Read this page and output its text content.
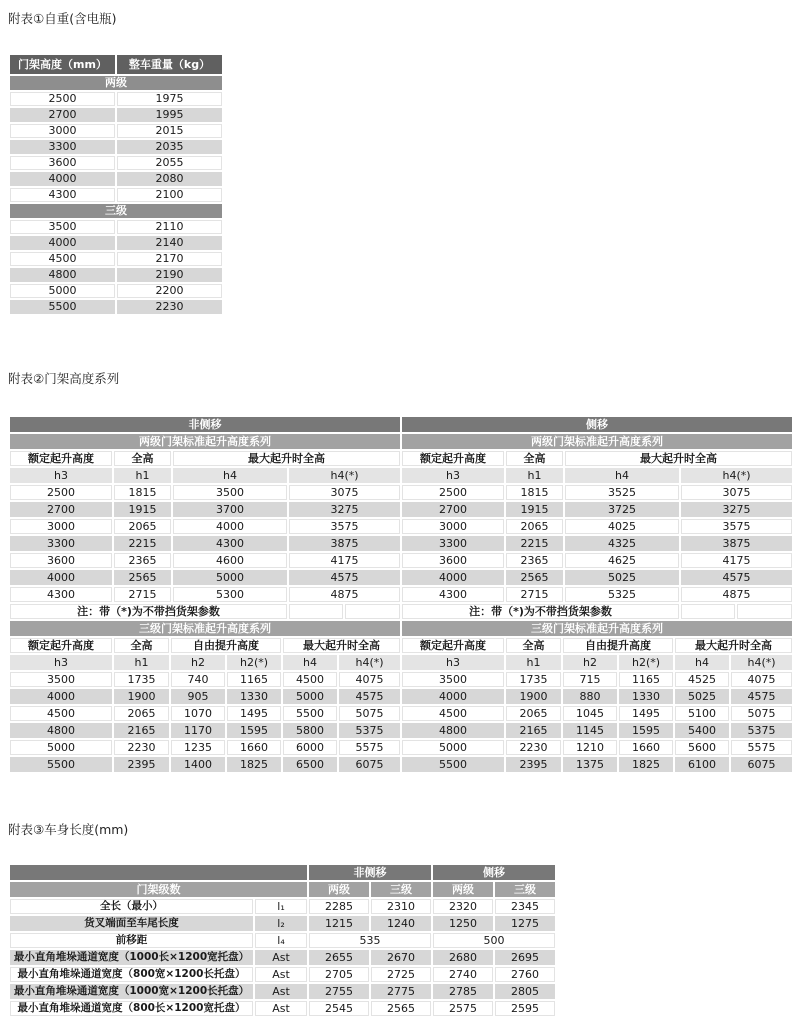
附表①自重(含电瓶)
门架高度（mm）	整车重量（kg）
两级	
2500	1975
2700	1995
3000	2015
3300	2035
3600	2055
4000	2080
4300	2100
三级	
3500	2110
4000	2140
4500	2170
4800	2190
5000	2200
5500	2230
附表②门架高度系列
非侧移					侧移				
两级门架标准起升高度系列					两级门架标准起升高度系列				
额定起升高度	全高	最大起升时全高			额定起升高度	全高	最大起升时全高		
h3	h1	h4	h4(*)		h3	h1	h4	h4(*)	
2500	1815	3500	3075		2500	1815	3525	3075	
2700	1915	3700	3275		2700	1915	3725	3275	
3000	2065	4000	3575		3000	2065	4025	3575	
3300	2215	4300	3875		3300	2215	4325	3875	
3600	2365	4600	4175		3600	2365	4625	4175	
4000	2565	5000	4575		4000	2565	5025	4575	
4300	2715	5300	4875		4300	2715	5325	4875	
注：带（*)为不带挡货架参数					注：带（*)为不带挡货架参数				
三级门架标准起升高度系列						三级门架标准起升高度系列					
额定起升高度	全高	自由提升高度		最大起升时全高		额定起升高度	全高	自由提升高度		最大起升时全高	
h3	h1	h2	h2(*)	h4	h4(*)	h3	h1	h2	h2(*)	h4	h4(*)
3500	1735	740	1165	4500	4075	3500	1735	715	1165	4525	4075
4000	1900	905	1330	5000	4575	4000	1900	880	1330	5025	4575
4500	2065	1070	1495	5500	5075	4500	2065	1045	1495	5100	5075
4800	2165	1170	1595	5800	5375	4800	2165	1145	1595	5400	5375
5000	2230	1235	1660	6000	5575	5000	2230	1210	1660	5600	5575
5500	2395	1400	1825	6500	6075	5500	2395	1375	1825	6100	6075
附表③车身长度(mm)
		非侧移		侧移	
门架级数		两级	三级	两级	三级
全长（最小）	l₁	2285	2310	2320	2345
货叉端面至车尾长度	l₂	1215	1240	1250	1275
前移距	l₄	535		500	
最小直角堆垛通道宽度（1000长×1200宽托盘）	Ast	2655	2670	2680	2695
最小直角堆垛通道宽度（800宽×1200长托盘）	Ast	2705	2725	2740	2760
最小直角堆垛通道宽度（1000宽×1200长托盘）	Ast	2755	2775	2785	2805
最小直角堆垛通道宽度（800长×1200宽托盘）	Ast	2545	2565	2575	2595
